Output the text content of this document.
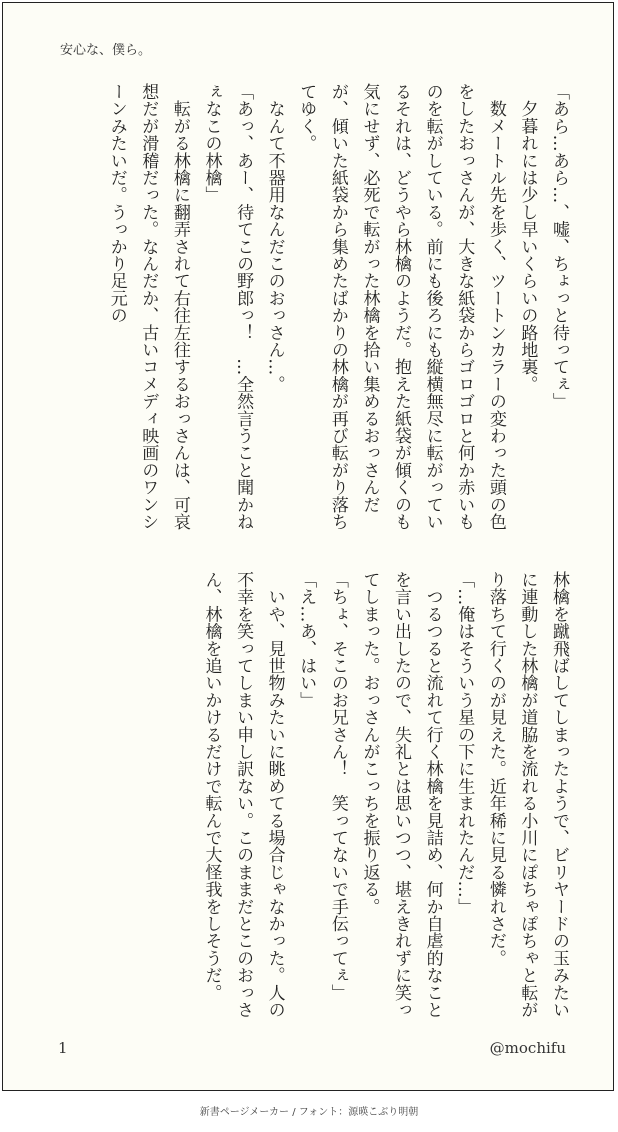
安心な、僕ら。

「あら…あら…、嘘、ちょっと待ってぇ」

　夕暮れには少し早いくらいの路地裏。

　数メートル先を歩く、ツートンカラーの変わった頭の色をしたおっさんが、大きな紙袋からゴロゴロと何か赤いものを転がしている。前にも後ろにも縦横無尽に転がっているそれは、どうやら林檎のようだ。抱えた紙袋が傾くのも気にせず、必死で転がった林檎を拾い集めるおっさんだが、傾いた紙袋から集めたばかりの林檎が再び転がり落ちてゆく。

　なんて不器用なんだこのおっさん…。

「あっ、あー、待てこの野郎っ！　…全然言うこと聞かねぇなこの林檎」

　転がる林檎に翻弄されて右往左往するおっさんは、可哀想だが滑稽だった。なんだか、古いコメディ映画のワンシーンみたいだ。うっかり足元の

林檎を蹴飛ばしてしまったようで、ビリヤードの玉みたいに連動した林檎が道脇を流れる小川にぽちゃぽちゃと転がり落ちて行くのが見えた。近年稀に見る憐れさだ。

「…俺はそういう星の下に生まれたんだ…」

　つるつると流れて行く林檎を見詰め、何か自虐的なことを言い出したので、失礼とは思いつつ、堪えきれずに笑ってしまった。おっさんがこっちを振り返る。

「ちょ、そこのお兄さん！　笑ってないで手伝ってぇ」

「え…あ、はい」

　いや、見世物みたいに眺めてる場合じゃなかった。人の不幸を笑ってしまい申し訳ない。このままだとこのおっさん、林檎を追いかけるだけで転んで大怪我をしそうだ。

1	@mochifu
新書ページメーカー / フォント：源暎こぶり明朝
